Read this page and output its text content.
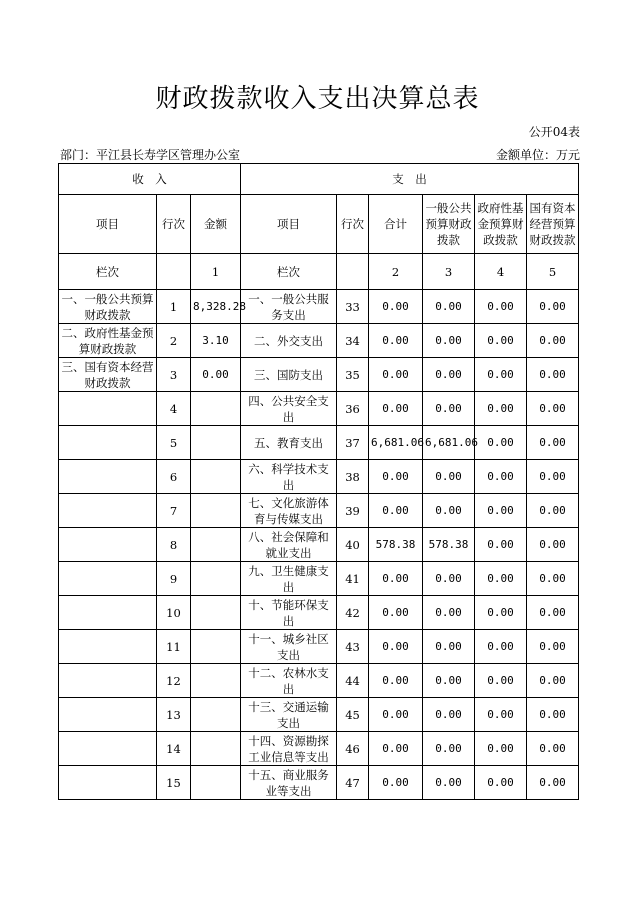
财政拨款收入支出决算总表
公开04表
部门：平江县长寿学区管理办公室	金额单位：万元
收　入			支　出					
项目	行次	金额	项目	行次	合计	一般公共预算财政拨款	政府性基金预算财政拨款	国有资本经营预算财政拨款
栏次		1	栏次		2	3	4	5
一、一般公共预算财政拨款	1	8,328.28	一、一般公共服务支出	33	0.00	0.00	0.00	0.00
二、政府性基金预算财政拨款	2	3.10	二、外交支出	34	0.00	0.00	0.00	0.00
三、国有资本经营财政拨款	3	0.00	三、国防支出	35	0.00	0.00	0.00	0.00
	4		四、公共安全支出	36	0.00	0.00	0.00	0.00
	5		五、教育支出	37	6,681.06	6,681.06	0.00	0.00
	6		六、科学技术支出	38	0.00	0.00	0.00	0.00
	7		七、文化旅游体育与传媒支出	39	0.00	0.00	0.00	0.00
	8		八、社会保障和就业支出	40	578.38	578.38	0.00	0.00
	9		九、卫生健康支出	41	0.00	0.00	0.00	0.00
	10		十、节能环保支出	42	0.00	0.00	0.00	0.00
	11		十一、城乡社区支出	43	0.00	0.00	0.00	0.00
	12		十二、农林水支出	44	0.00	0.00	0.00	0.00
	13		十三、交通运输支出	45	0.00	0.00	0.00	0.00
	14		十四、资源勘探工业信息等支出	46	0.00	0.00	0.00	0.00
	15		十五、商业服务业等支出	47	0.00	0.00	0.00	0.00
